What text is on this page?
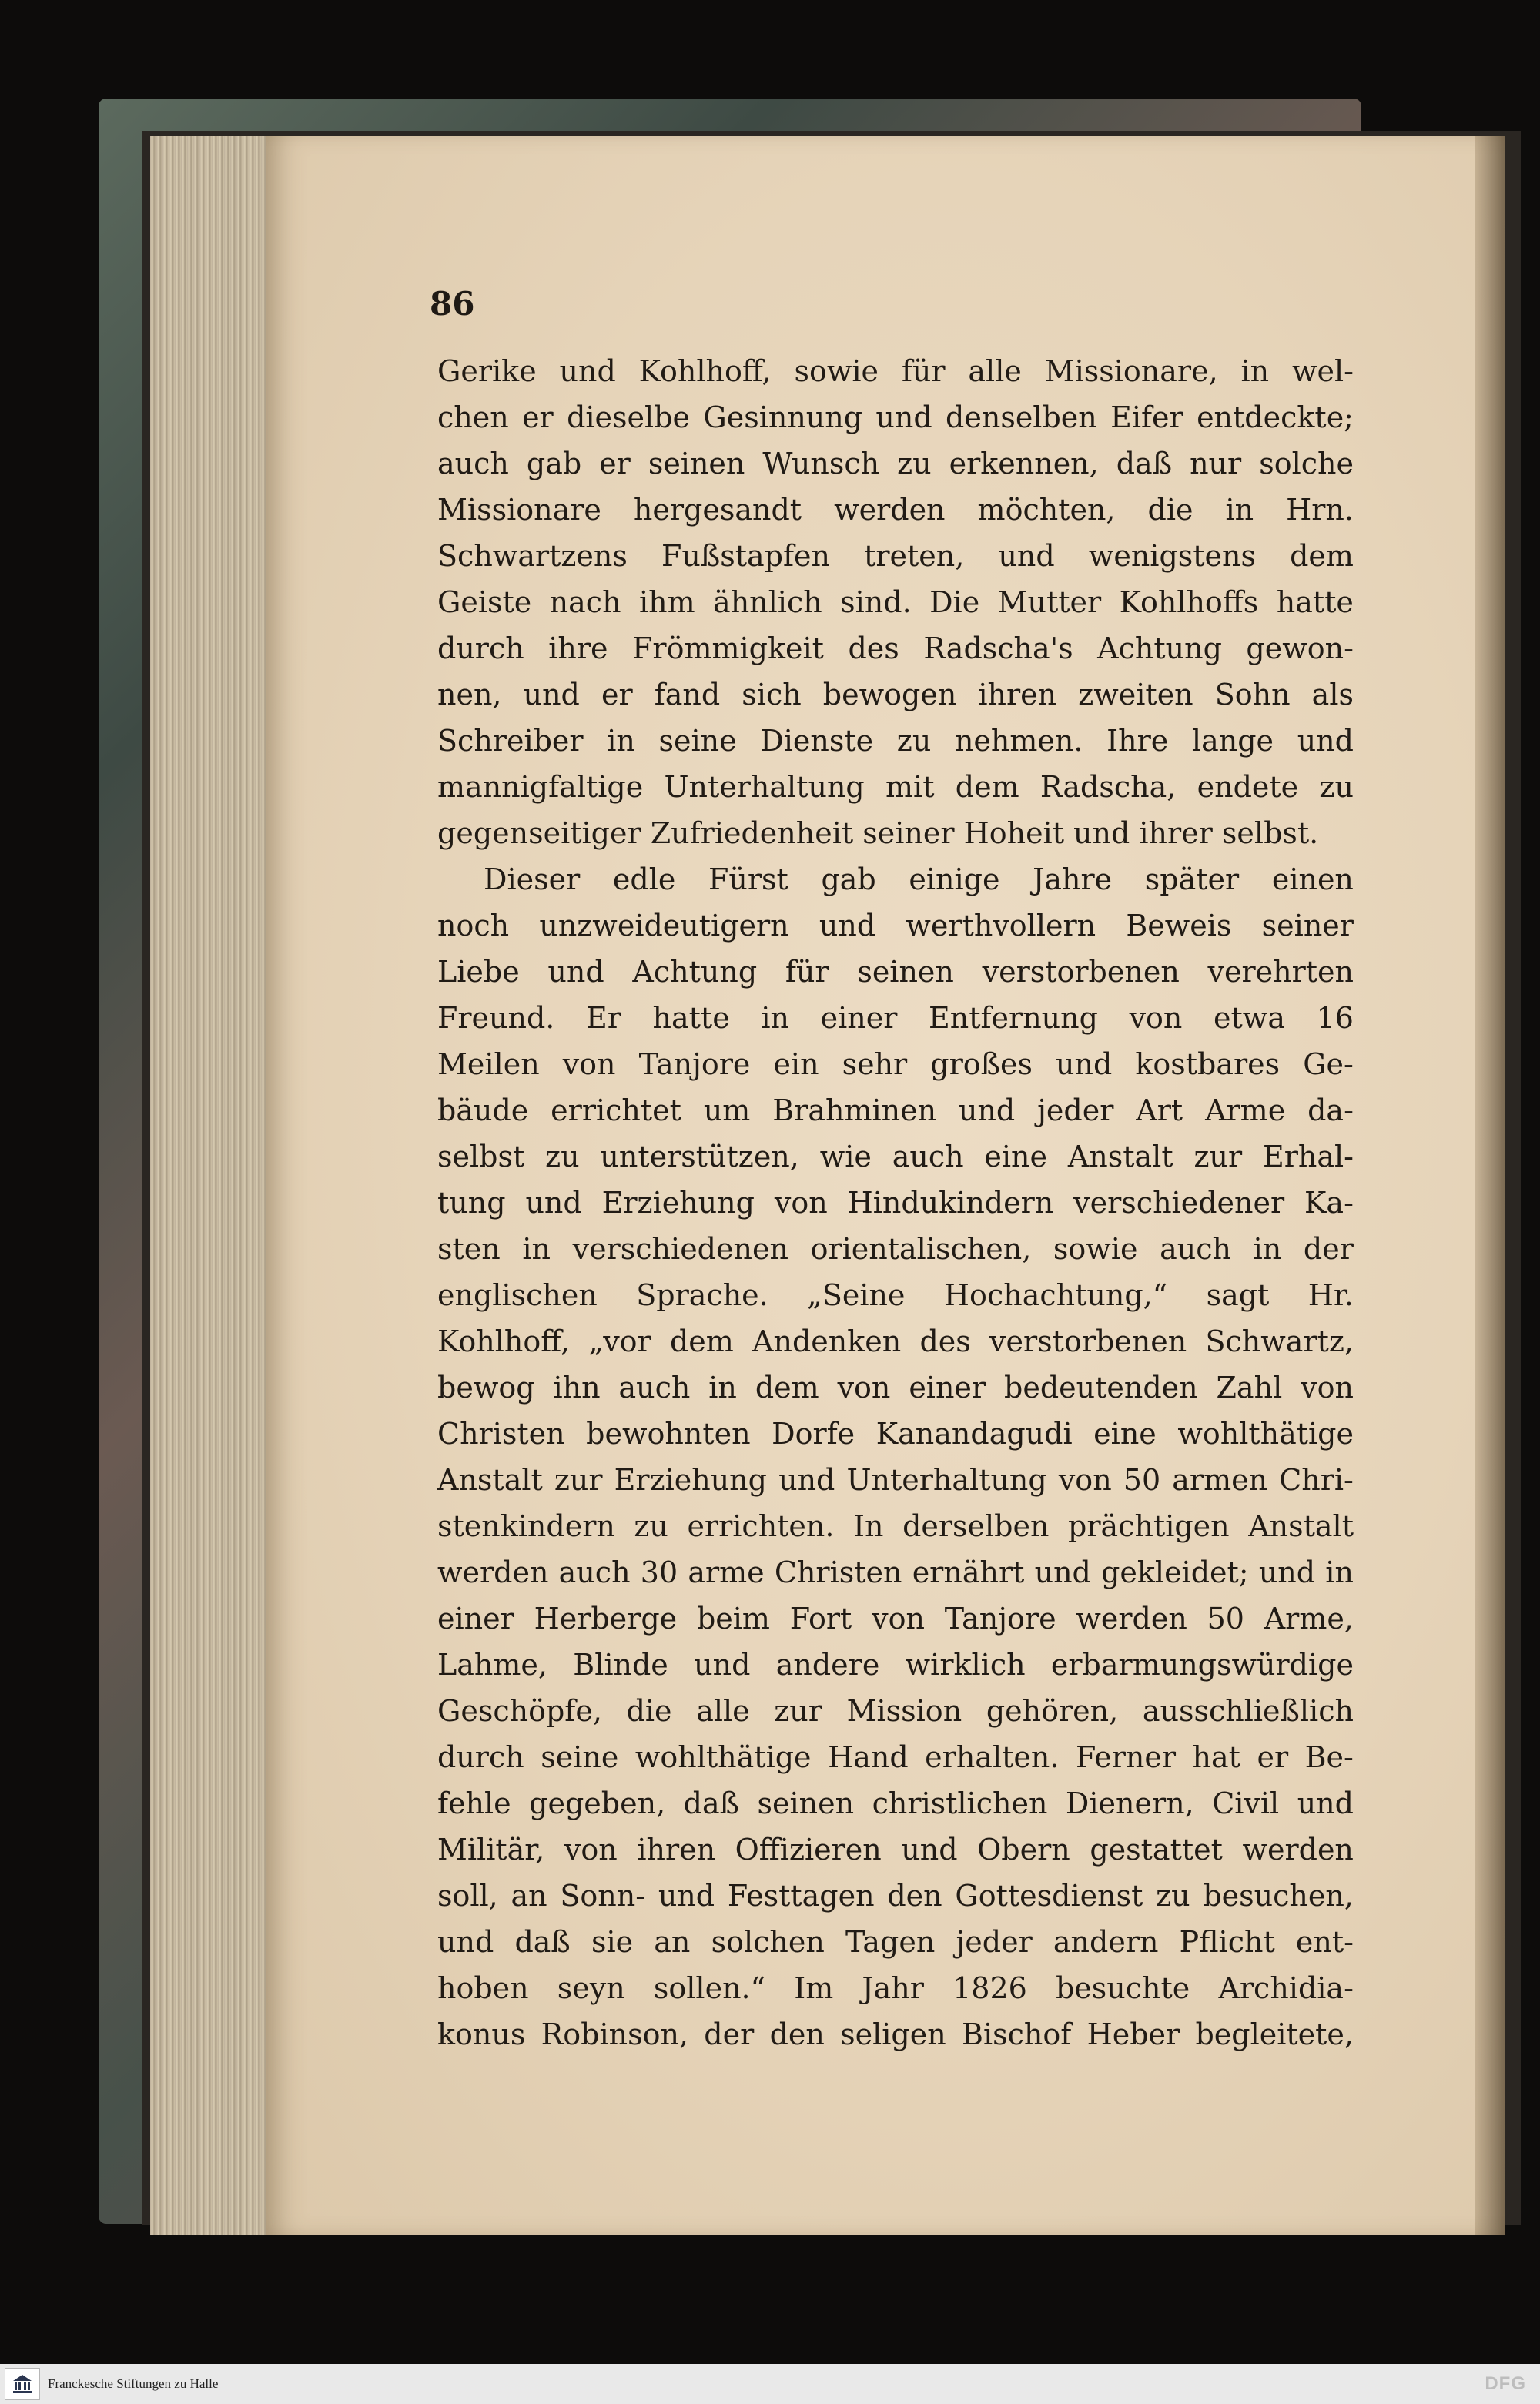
86
Gerike und Kohlhoff, sowie für alle Missionare, in wel-
chen er dieselbe Gesinnung und denselben Eifer entdeckte;
auch gab er seinen Wunsch zu erkennen, daß nur solche
Missionare hergesandt werden möchten, die in Hrn.
Schwartzens Fußstapfen treten, und wenigstens dem
Geiste nach ihm ähnlich sind. Die Mutter Kohlhoffs hatte
durch ihre Frömmigkeit des Radscha's Achtung gewon-
nen, und er fand sich bewogen ihren zweiten Sohn als
Schreiber in seine Dienste zu nehmen. Ihre lange und
mannigfaltige Unterhaltung mit dem Radscha, endete zu
gegenseitiger Zufriedenheit seiner Hoheit und ihrer selbst.
Dieser edle Fürst gab einige Jahre später einen
noch unzweideutigern und werthvollern Beweis seiner
Liebe und Achtung für seinen verstorbenen verehrten
Freund. Er hatte in einer Entfernung von etwa 16
Meilen von Tanjore ein sehr großes und kostbares Ge-
bäude errichtet um Brahminen und jeder Art Arme da-
selbst zu unterstützen, wie auch eine Anstalt zur Erhal-
tung und Erziehung von Hindukindern verschiedener Ka-
sten in verschiedenen orientalischen, sowie auch in der
englischen Sprache. „Seine Hochachtung,“ sagt Hr.
Kohlhoff, „vor dem Andenken des verstorbenen Schwartz,
bewog ihn auch in dem von einer bedeutenden Zahl von
Christen bewohnten Dorfe Kanandagudi eine wohlthätige
Anstalt zur Erziehung und Unterhaltung von 50 armen Chri-
stenkindern zu errichten. In derselben prächtigen Anstalt
werden auch 30 arme Christen ernährt und gekleidet; und in
einer Herberge beim Fort von Tanjore werden 50 Arme,
Lahme, Blinde und andere wirklich erbarmungswürdige
Geschöpfe, die alle zur Mission gehören, ausschließlich
durch seine wohlthätige Hand erhalten. Ferner hat er Be-
fehle gegeben, daß seinen christlichen Dienern, Civil und
Militär, von ihren Offizieren und Obern gestattet werden
soll, an Sonn- und Festtagen den Gottesdienst zu besuchen,
und daß sie an solchen Tagen jeder andern Pflicht ent-
hoben seyn sollen.“ Im Jahr 1826 besuchte Archidia-
konus Robinson, der den seligen Bischof Heber begleitete,
Franckesche Stiftungen zu Halle	DFG
